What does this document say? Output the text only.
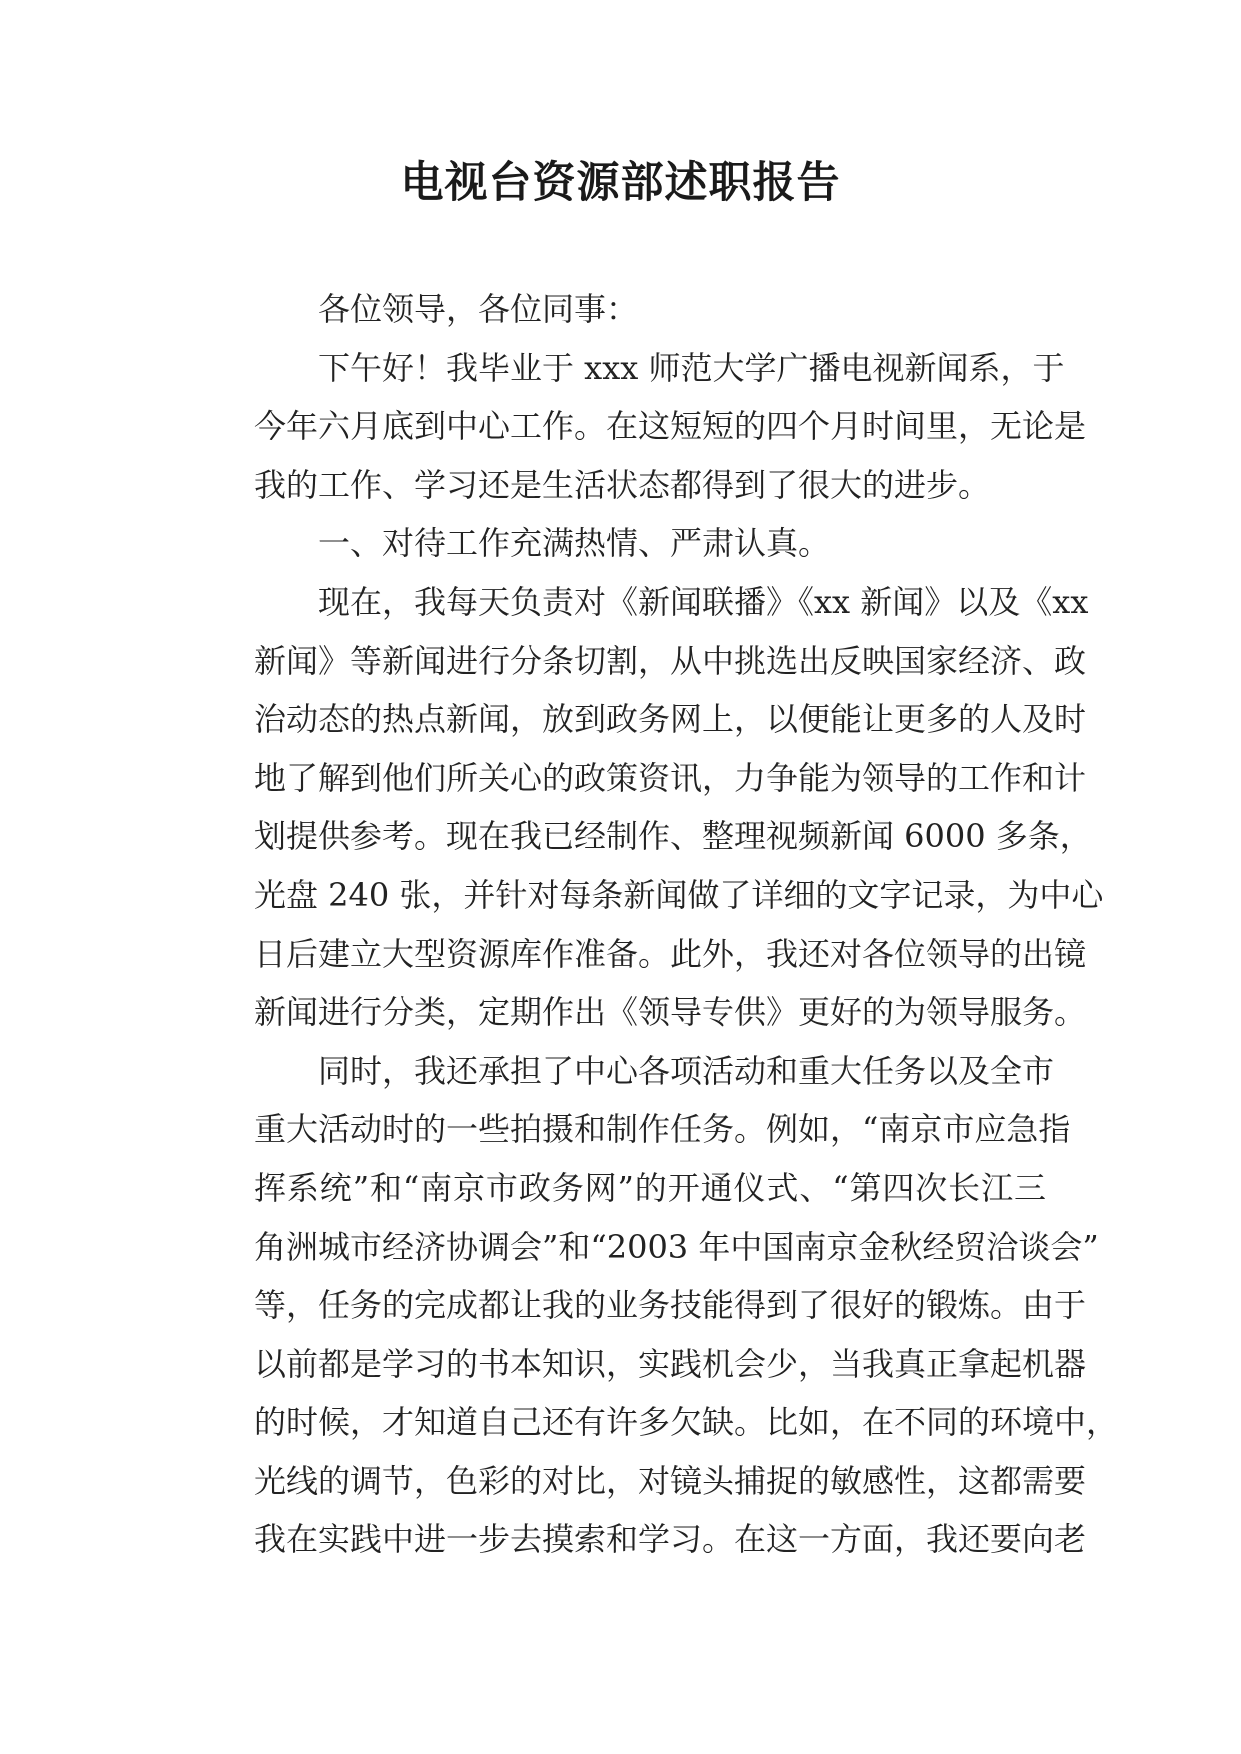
电视台资源部述职报告
各位领导，各位同事：
下午好！我毕业于 xxx 师范大学广播电视新闻系，于
今年六月底到中心工作。在这短短的四个月时间里，无论是
我的工作、学习还是生活状态都得到了很大的进步。
一、对待工作充满热情、严肃认真。
现在，我每天负责对《新闻联播》《xx 新闻》以及《xx
新闻》等新闻进行分条切割，从中挑选出反映国家经济、政
治动态的热点新闻，放到政务网上，以便能让更多的人及时
地了解到他们所关心的政策资讯，力争能为领导的工作和计
划提供参考。现在我已经制作、整理视频新闻 6000 多条，
光盘 240 张，并针对每条新闻做了详细的文字记录，为中心
日后建立大型资源库作准备。此外，我还对各位领导的出镜
新闻进行分类，定期作出《领导专供》更好的为领导服务。
同时，我还承担了中心各项活动和重大任务以及全市
重大活动时的一些拍摄和制作任务。例如，“南京市应急指
挥系统”和“南京市政务网”的开通仪式、“第四次长江三
角洲城市经济协调会”和“2003 年中国南京金秋经贸洽谈会”
等，任务的完成都让我的业务技能得到了很好的锻炼。由于
以前都是学习的书本知识，实践机会少，当我真正拿起机器
的时候，才知道自己还有许多欠缺。比如，在不同的环境中，
光线的调节，色彩的对比，对镜头捕捉的敏感性，这都需要
我在实践中进一步去摸索和学习。在这一方面，我还要向老
